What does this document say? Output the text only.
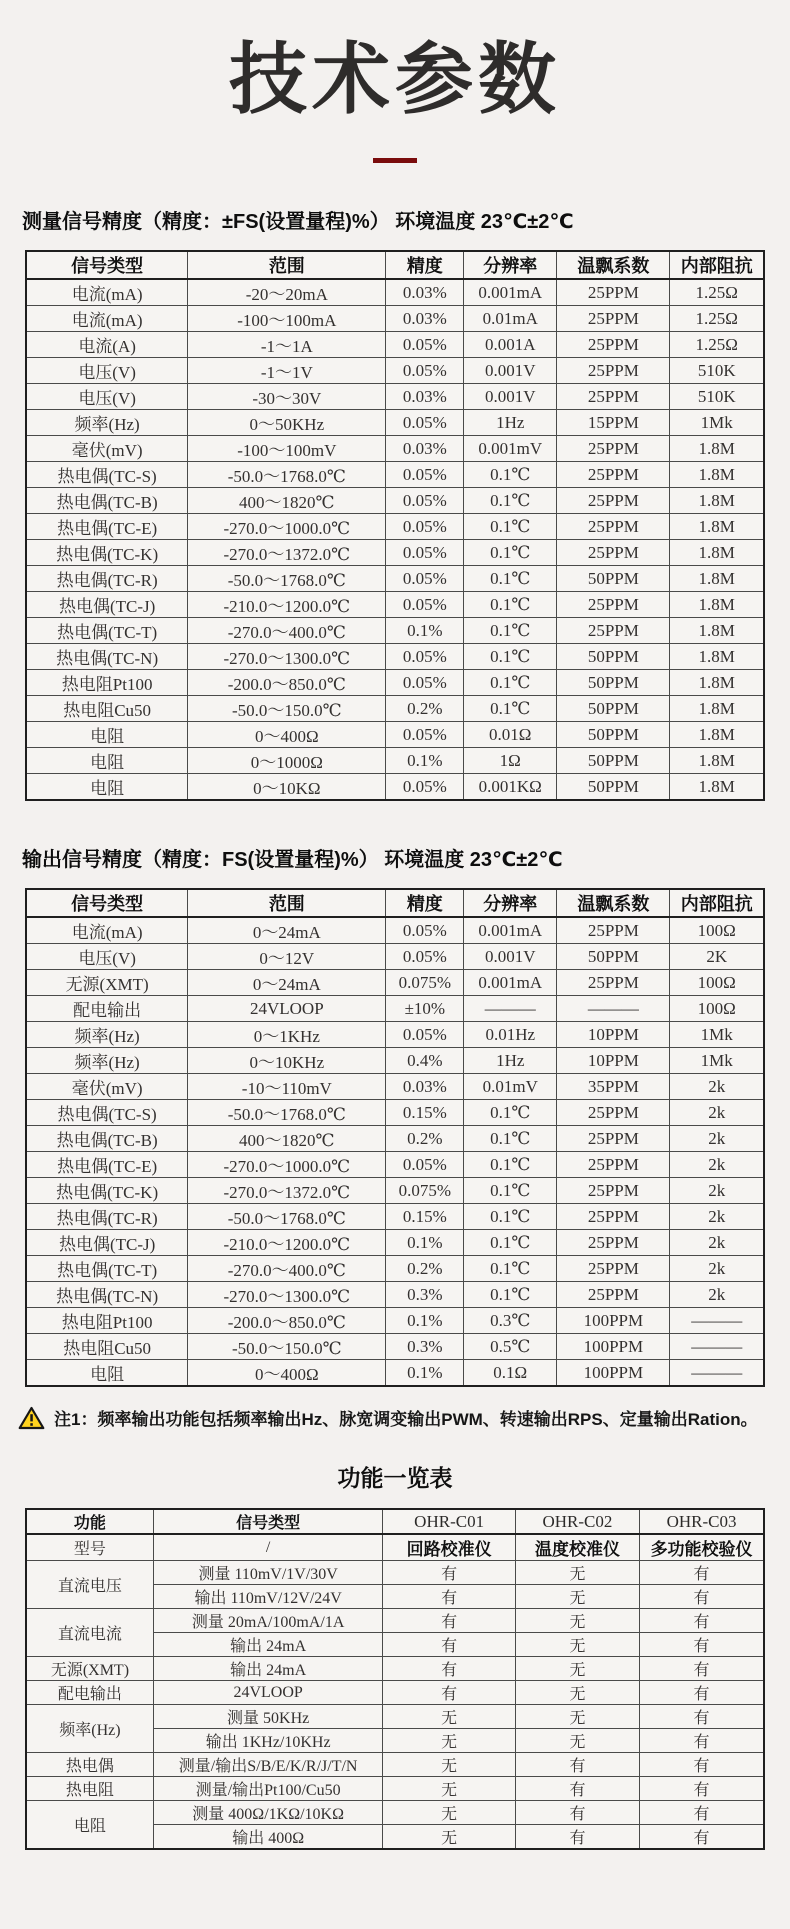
技术参数
测量信号精度（精度：±FS(设置量程)%） 环境温度 23℃±2℃
信号类型	范围	精度	分辨率	温飘系数	内部阻抗
电流(mA)	-20～20mA	0.03%	0.001mA	25PPM	1.25Ω
电流(mA)	-100～100mA	0.03%	0.01mA	25PPM	1.25Ω
电流(A)	-1～1A	0.05%	0.001A	25PPM	1.25Ω
电压(V)	-1～1V	0.05%	0.001V	25PPM	510K
电压(V)	-30～30V	0.03%	0.001V	25PPM	510K
频率(Hz)	0～50KHz	0.05%	1Hz	15PPM	1Mk
毫伏(mV)	-100～100mV	0.03%	0.001mV	25PPM	1.8M
热电偶(TC-S)	-50.0～1768.0℃	0.05%	0.1℃	25PPM	1.8M
热电偶(TC-B)	400～1820℃	0.05%	0.1℃	25PPM	1.8M
热电偶(TC-E)	-270.0～1000.0℃	0.05%	0.1℃	25PPM	1.8M
热电偶(TC-K)	-270.0～1372.0℃	0.05%	0.1℃	25PPM	1.8M
热电偶(TC-R)	-50.0～1768.0℃	0.05%	0.1℃	50PPM	1.8M
热电偶(TC-J)	-210.0～1200.0℃	0.05%	0.1℃	25PPM	1.8M
热电偶(TC-T)	-270.0～400.0℃	0.1%	0.1℃	25PPM	1.8M
热电偶(TC-N)	-270.0～1300.0℃	0.05%	0.1℃	50PPM	1.8M
热电阻Pt100	-200.0～850.0℃	0.05%	0.1℃	50PPM	1.8M
热电阻Cu50	-50.0～150.0℃	0.2%	0.1℃	50PPM	1.8M
电阻	0～400Ω	0.05%	0.01Ω	50PPM	1.8M
电阻	0～1000Ω	0.1%	1Ω	50PPM	1.8M
电阻	0～10KΩ	0.05%	0.001KΩ	50PPM	1.8M
输出信号精度（精度：FS(设置量程)%） 环境温度 23℃±2℃
信号类型	范围	精度	分辨率	温飘系数	内部阻抗
电流(mA)	0～24mA	0.05%	0.001mA	25PPM	100Ω
电压(V)	0～12V	0.05%	0.001V	50PPM	2K
无源(XMT)	0～24mA	0.075%	0.001mA	25PPM	100Ω
配电输出	24VLOOP	±10%	———	———	100Ω
频率(Hz)	0～1KHz	0.05%	0.01Hz	10PPM	1Mk
频率(Hz)	0～10KHz	0.4%	1Hz	10PPM	1Mk
毫伏(mV)	-10～110mV	0.03%	0.01mV	35PPM	2k
热电偶(TC-S)	-50.0～1768.0℃	0.15%	0.1℃	25PPM	2k
热电偶(TC-B)	400～1820℃	0.2%	0.1℃	25PPM	2k
热电偶(TC-E)	-270.0～1000.0℃	0.05%	0.1℃	25PPM	2k
热电偶(TC-K)	-270.0～1372.0℃	0.075%	0.1℃	25PPM	2k
热电偶(TC-R)	-50.0～1768.0℃	0.15%	0.1℃	25PPM	2k
热电偶(TC-J)	-210.0～1200.0℃	0.1%	0.1℃	25PPM	2k
热电偶(TC-T)	-270.0～400.0℃	0.2%	0.1℃	25PPM	2k
热电偶(TC-N)	-270.0～1300.0℃	0.3%	0.1℃	25PPM	2k
热电阻Pt100	-200.0～850.0℃	0.1%	0.3℃	100PPM	———
热电阻Cu50	-50.0～150.0℃	0.3%	0.5℃	100PPM	———
电阻	0～400Ω	0.1%	0.1Ω	100PPM	———
注1：频率输出功能包括频率输出Hz、脉宽调变输出PWM、转速输出RPS、定量输出Ration。
功能一览表
功能	信号类型	OHR-C01	OHR-C02	OHR-C03
型号	/	回路校准仪	温度校准仪	多功能校验仪
直流电压	测量 110mV/1V/30V	有	无	有
	输出 110mV/12V/24V	有	无	有
直流电流	测量 20mA/100mA/1A	有	无	有
	输出 24mA	有	无	有
无源(XMT)	输出 24mA	有	无	有
配电输出	24VLOOP	有	无	有
频率(Hz)	测量 50KHz	无	无	有
	输出 1KHz/10KHz	无	无	有
热电偶	测量/输出S/B/E/K/R/J/T/N	无	有	有
热电阻	测量/输出Pt100/Cu50	无	有	有
电阻	测量 400Ω/1KΩ/10KΩ	无	有	有
	输出 400Ω	无	有	有
